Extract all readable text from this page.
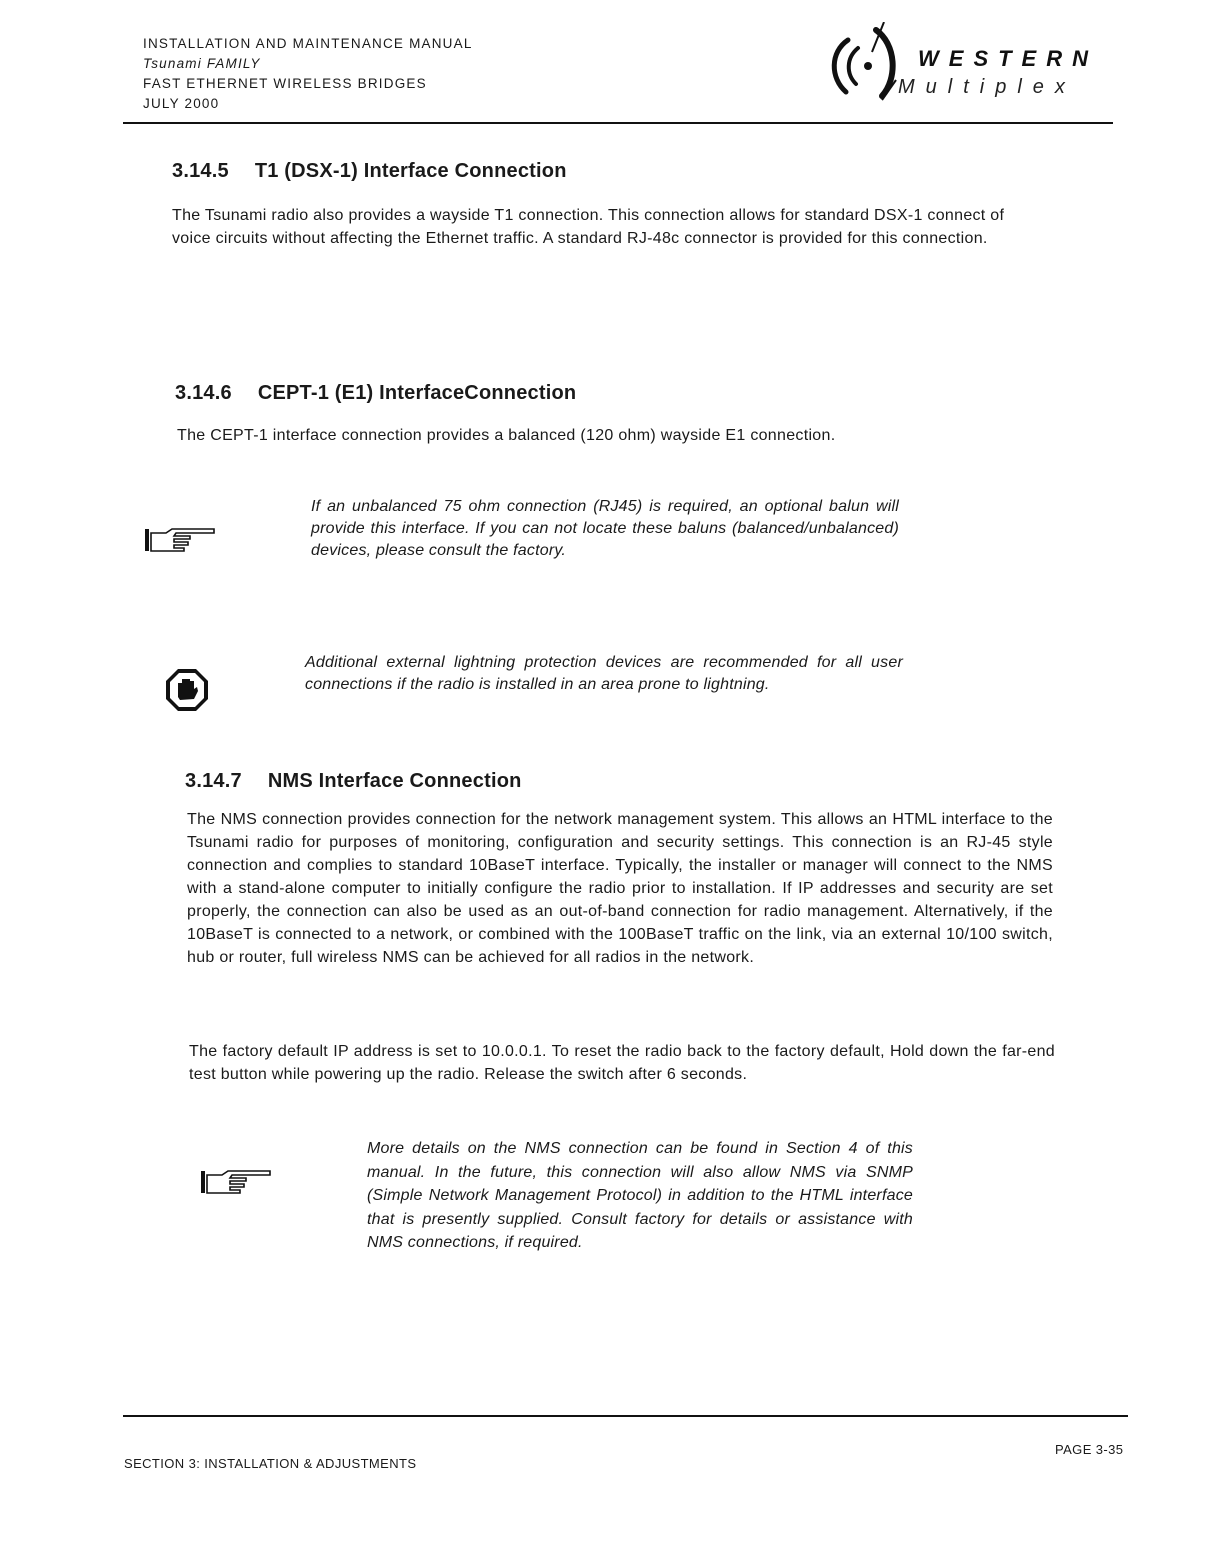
INSTALLATION AND MAINTENANCE MANUAL
Tsunami FAMILY
FAST ETHERNET WIRELESS BRIDGES
JULY 2000
WESTERN
Multiplex
3.14.5 T1 (DSX-1) Interface Connection

The Tsunami radio also provides a wayside T1 connection. This connection allows for standard DSX-1 connect of voice circuits without affecting the Ethernet traffic. A standard RJ-48c connector is provided for this connection.

3.14.6 CEPT-1 (E1) InterfaceConnection

The CEPT-1 interface connection provides a balanced (120 ohm) wayside E1 connection.

If an unbalanced 75 ohm connection (RJ45) is required, an optional balun will provide this interface. If you can not locate these baluns (balanced/unbalanced) devices, please consult the factory.

Additional external lightning protection devices are recommended for all user connections if the radio is installed in an area prone to lightning.

3.14.7 NMS Interface Connection

The NMS connection provides connection for the network management system. This allows an HTML interface to the Tsunami radio for purposes of monitoring, configuration and security settings. This connection is an RJ-45 style connection and complies to standard 10BaseT interface. Typically, the installer or manager will connect to the NMS with a stand-alone computer to initially configure the radio prior to installation. If IP addresses and security are set properly, the connection can also be used as an out-of-band connection for radio management. Alternatively, if the 10BaseT is connected to a network, or combined with the 100BaseT traffic on the link, via an external 10/100 switch, hub or router, full wireless NMS can be achieved for all radios in the network.

The factory default IP address is set to 10.0.0.1. To reset the radio back to the factory default, Hold down the far-end test button while powering up the radio. Release the switch after 6 seconds.

More details on the NMS connection can be found in Section 4 of this manual. In the future, this connection will also allow NMS via SNMP (Simple Network Management Protocol) in addition to the HTML interface that is presently supplied. Consult factory for details or assistance with NMS connections, if required.

SECTION 3: INSTALLATION & ADJUSTMENTS
PAGE 3-35
